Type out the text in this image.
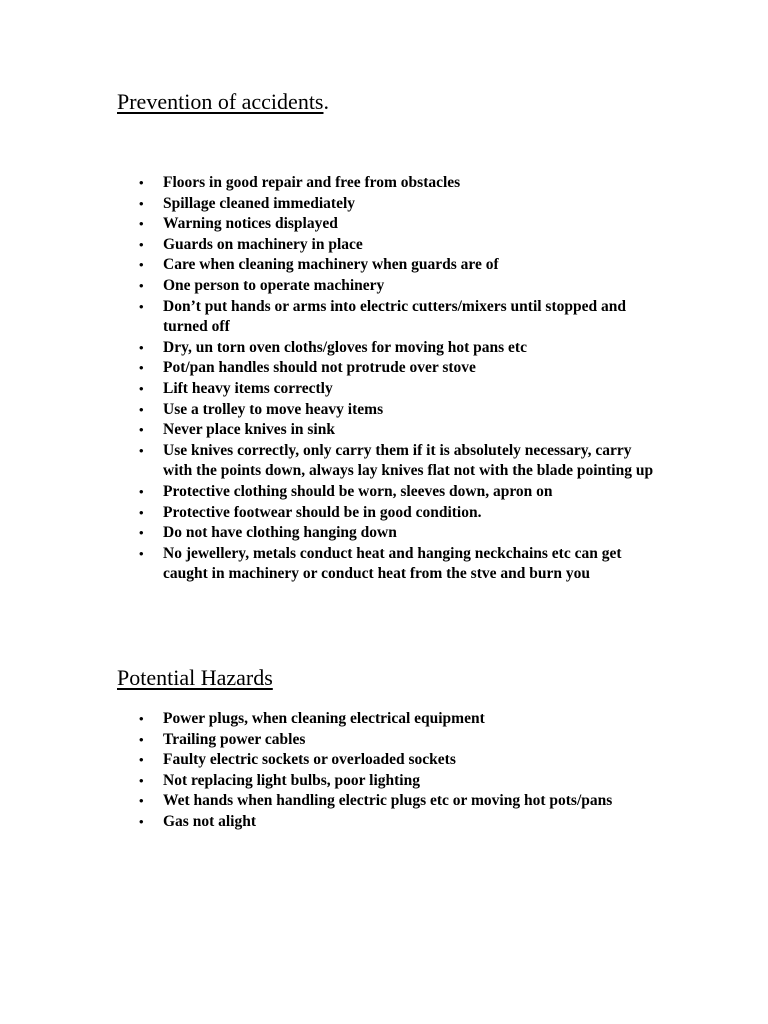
Prevention of accidents.
• Floors in good repair and free from obstacles
• Spillage cleaned immediately
• Warning notices displayed
• Guards on machinery in place
• Care when cleaning machinery when guards are of
• One person to operate machinery
• Don’t put hands or arms into electric cutters/mixers until stopped and turned off
• Dry, un torn oven cloths/gloves for moving hot pans etc
• Pot/pan handles should not protrude over stove
• Lift heavy items correctly
• Use a trolley to move heavy items
• Never place knives in sink
• Use knives correctly, only carry them if it is absolutely necessary, carry with the points down, always lay knives flat not with the blade pointing up
• Protective clothing should be worn, sleeves down, apron on
• Protective footwear should be in good condition.
• Do not have clothing hanging down
• No jewellery, metals conduct heat and hanging neckchains etc can get caught in machinery or conduct heat from the stve and burn you
Potential Hazards
• Power plugs, when cleaning electrical equipment
• Trailing power cables
• Faulty electric sockets or overloaded sockets
• Not replacing light bulbs, poor lighting
• Wet hands when handling electric plugs etc or moving hot pots/pans
• Gas not alight
